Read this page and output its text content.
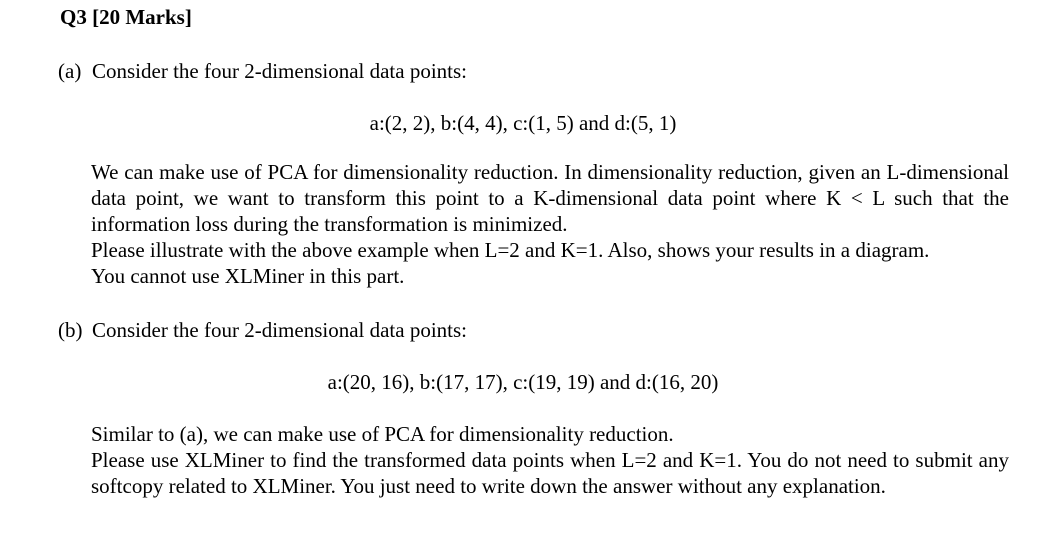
Q3 [20 Marks]
(a) Consider the four 2-dimensional data points:
a:(2, 2), b:(4, 4), c:(1, 5) and d:(5, 1)

We can make use of PCA for dimensionality reduction. In dimensionality reduction, given an L-dimensional data point, we want to transform this point to a K-dimensional data point where K < L such that the information loss during the transformation is minimized.

Please illustrate with the above example when L=2 and K=1. Also, shows your results in a diagram.

You cannot use XLMiner in this part.

(b) Consider the four 2-dimensional data points:
a:(20, 16), b:(17, 17), c:(19, 19) and d:(16, 20)

Similar to (a), we can make use of PCA for dimensionality reduction.

Please use XLMiner to find the transformed data points when L=2 and K=1. You do not need to submit any softcopy related to XLMiner. You just need to write down the answer without any explanation.
